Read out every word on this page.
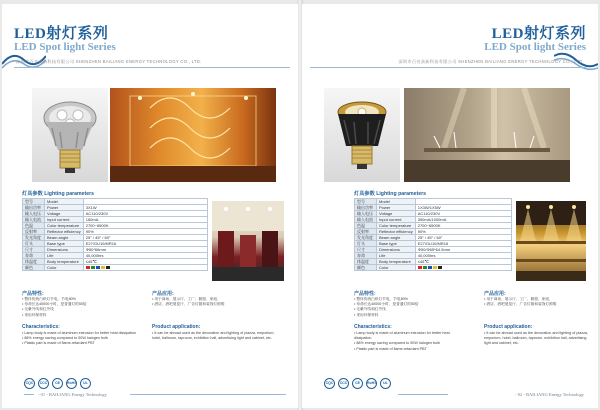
LED射灯系列
LED Spot light Series
深圳市百亮高新科技有限公司 SHENZHEN BAILIANG ENERGY TECHNOLOGY CO., LTD.
灯具参数 Lighting parameters
型号	Model	
输出功率	Power	3X1W
输入电压	Voltage	AC110/230V
输入电流	Input current	160mA
色温	Color temperature	2700~6500K
反射率	Reflector efficiency	90%
发光角度	Beam angle	25° / 45° / 60°
灯头	Base type	E27/GU10/MR16
尺寸	Dimensions	Φ50*66mm
寿命	Life	40,000hrs
体温度	Body temperature	≤45℃
颜色	Color	
产品特性:
• 整体传统白炽灯节电，节电80%
• 寿命长达40000小时，是普通灯的50倍
• 无紫外线和红外线
• 采用环保材料
产品应用:
• 用于商场、展示厅、工厂、橱窗、家庭、
• 酒店、酒吧展览厅、广告灯箱和装饰灯照明
Characteristics:
• Lamp body is made of aluminum extrusion for better heat dissipation
• 88% energy saving compared to 50W halogen bulb
• Plastic part is made of flame-retardant PBT
Product application:
• It can be abroad used as the decoration and lighting of piazza, emporium, hotel, ballroom, taproom, exhibition hall, advertising light and cabinet, etc.
CQC	CCC	CE	RoHS	UL
- 01 - BAILIANG Energy Technology
LED射灯系列
LED Spot light Series
深圳市百亮高新科技有限公司 SHENZHEN BAILIANG ENERGY TECHNOLOGY CO., LTD.
灯具参数 Lighting parameters
型号	Model	
输出功率	Power	1X3W/1X5W
输入电压	Voltage	AC110/230V
输入电流	Input current	350mA/1000mA
色温	Color temperature	2700~6500K
反射率	Reflector efficiency	90%
发光角度	Beam angle	25° / 45° / 60°
灯头	Base type	E27/GU10/MR16
尺寸	Dimensions	Φ50/Φ65*64.5mm
寿命	Life	40,000hrs
体温度	Body temperature	≤45℃
颜色	Color	
产品特性:
• 整体传统白炽灯节电，节电80%
• 寿命长达40000小时，是普通灯的50倍
• 无紫外线和红外线
• 采用环保材料
产品应用:
• 用于商场、展示厅、工厂、橱窗、家庭、
• 酒店、酒吧展览厅、广告灯箱和装饰灯照明
Characteristics:
• Lamp body is made of aluminum extrusion for better heat dissipation
• 88% energy saving compared to 50W halogen bulb
• Plastic part is made of flame-retardant PBT
Product application:
• It can be abroad used as the decoration and lighting of piazza, emporium, hotel, ballroom, taproom, exhibition hall, advertising light and cabinet, etc.
CQC	CCC	CE	RoHS	UL
- 02 - BAILIANG Energy Technology
